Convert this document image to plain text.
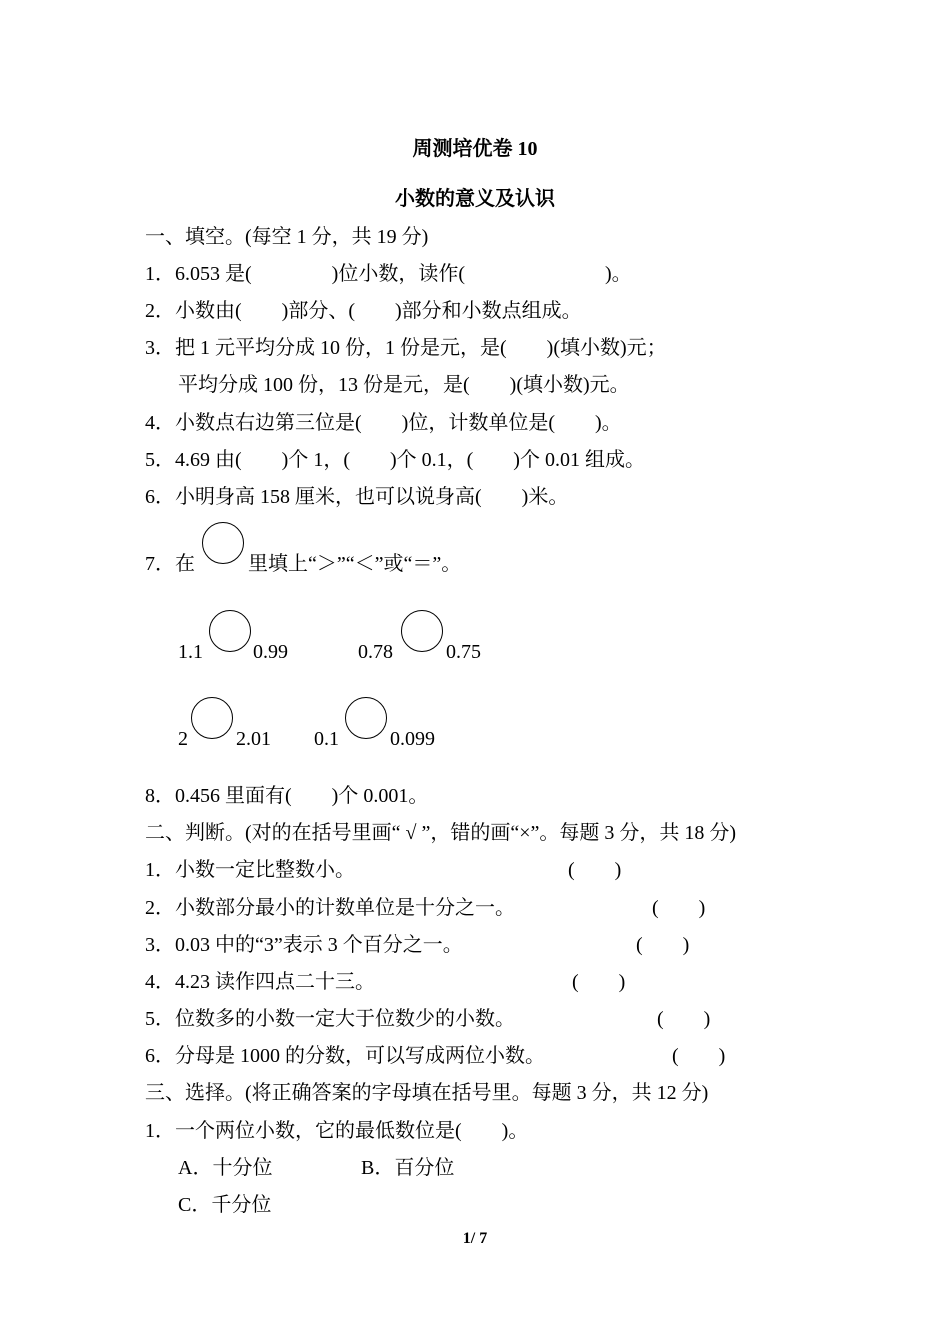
周测培优卷 10
小数的意义及认识
一、填空。(每空 1 分，共 19 分)
1．6.053 是(　　　　)位小数，读作(　　　　　　　)。
2．小数由(　　)部分、(　　)部分和小数点组成。
3．把 1 元平均分成 10 份，1 份是元，是(　　)(填小数)元；
平均分成 100 份，13 份是元，是(　　)(填小数)元。
4．小数点右边第三位是(　　)位，计数单位是(　　)。
5．4.69 由(　　)个 1，(　　)个 0.1，(　　)个 0.01 组成。
6．小明身高 158 厘米，也可以说身高(　　)米。
7．在	里填上“＞”“＜”或“＝”。
1.1	0.99	0.78	0.75
2 2.01 0.1	0.099
8．0.456 里面有(　　)个 0.001。
二、判断。(对的在括号里画“ √ ”，错的画“×”。每题 3 分，共 18 分)
1．小数一定比整数小。	(　　)
2．小数部分最小的计数单位是十分之一。	(　　)
3．0.03 中的“3”表示 3 个百分之一。	(　　)
4．4.23 读作四点二十三。	(　　)
5．位数多的小数一定大于位数少的小数。	(　　)
6．分母是 1000 的分数，可以写成两位小数。	(　　)
三、选择。(将正确答案的字母填在括号里。每题 3 分，共 12 分)
1．一个两位小数，它的最低数位是(　　)。
A．十分位	B．百分位
C．千分位
1/ 7
